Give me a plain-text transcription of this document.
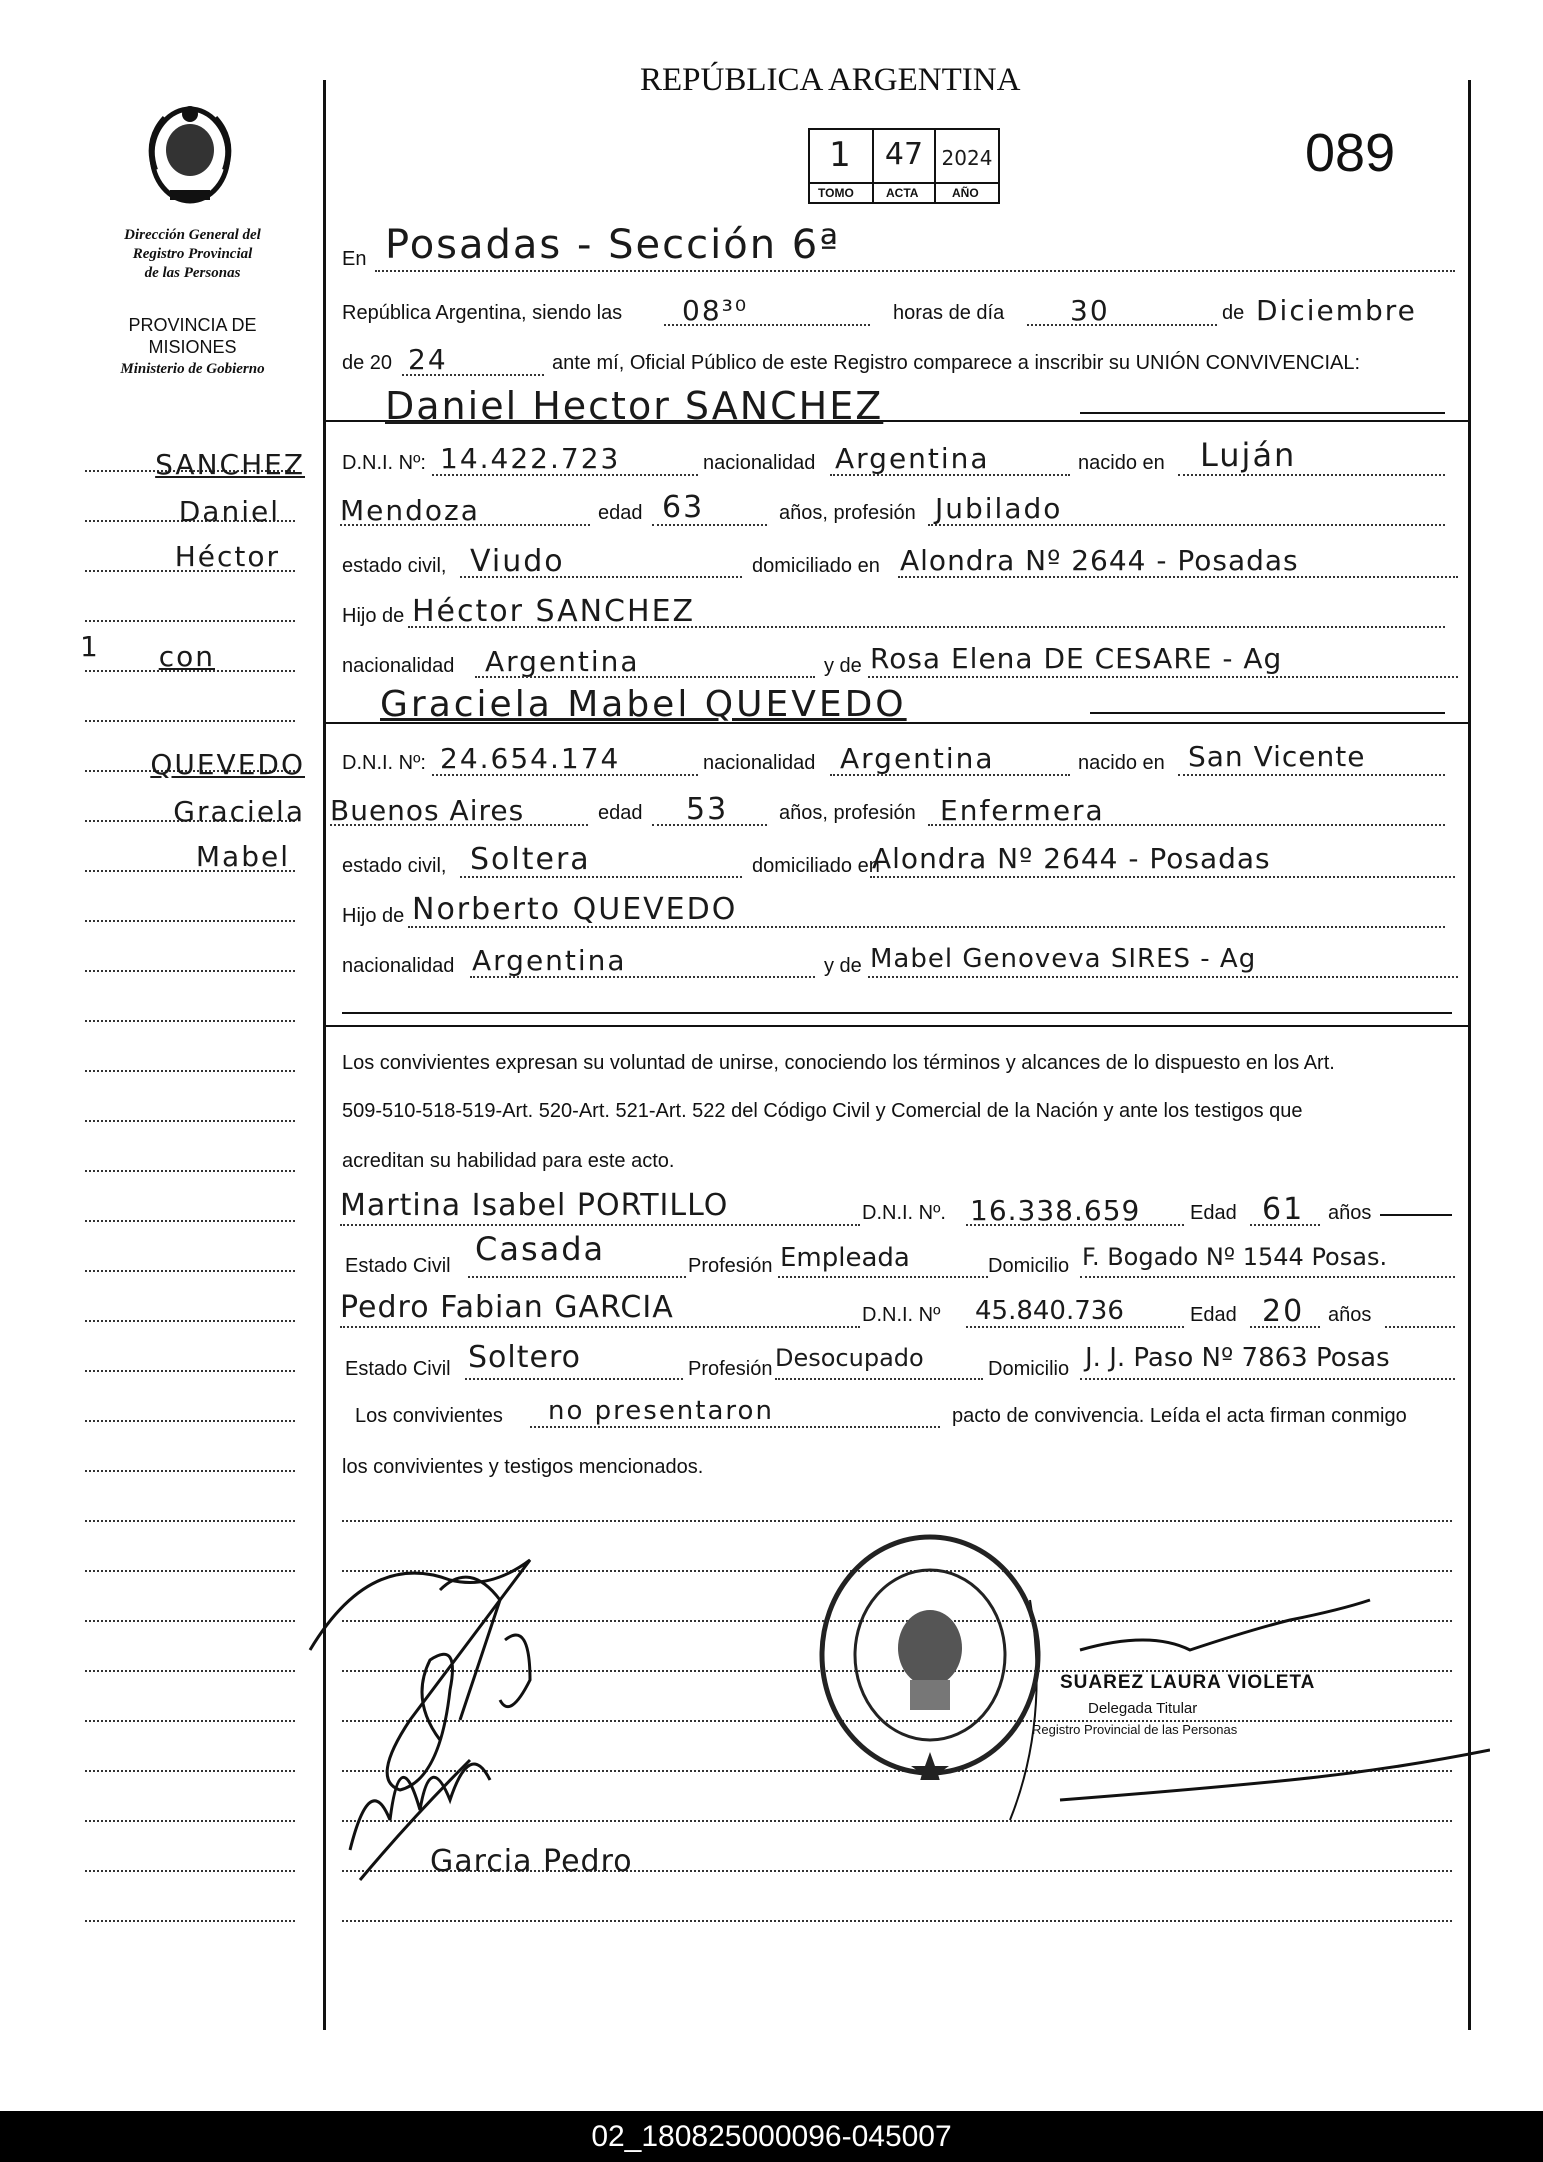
REPÚBLICA ARGENTINA
1	47 2024
TOMO	ACTA	AÑO
089
Dirección General del
Registro Provincial
de las Personas
PROVINCIA DE
MISIONES
Ministerio de Gobierno
SANCHEZ
Daniel
Héctor
1	con
QUEVEDO
Graciela
Mabel
En Posadas - Sección 6ª
República Argentina, siendo las 08³⁰	horas de día 30	de Diciembre
de 20 24	ante mí, Oficial Público de este Registro comparece a inscribir su UNIÓN CONVIVENCIAL:
Daniel Hector SANCHEZ
D.N.I. Nº: 14.422.723	nacionalidad Argentina	nacido en Luján
Mendoza	edad 63	años, profesión Jubilado
estado civil, Viudo	domiciliado en Alondra Nº 2644 - Posadas
Hijo de Héctor SANCHEZ
nacionalidad Argentina	y de Rosa Elena DE CESARE - Ag
Graciela Mabel QUEVEDO
D.N.I. Nº: 24.654.174	nacionalidad Argentina	nacido en San Vicente
Buenos Aires	edad 53	años, profesión Enfermera
estado civil, Soltera	domiciliado en
Alondra Nº 2644 - Posadas
Hijo de Norberto QUEVEDO
nacionalidad Argentina	y de Mabel Genoveva SIRES - Ag
Los convivientes expresan su voluntad de unirse, conociendo los términos y alcances de lo dispuesto en los Art.
509-510-518-519-Art. 520-Art. 521-Art. 522 del Código Civil y Comercial de la Nación y ante los testigos que
acreditan su habilidad para este acto.
Martina Isabel PORTILLO	D.N.I. Nº. 16.338.659 Edad 61 años
Estado Civil Casada	Profesión Empleada	Domicilio F. Bogado Nº 1544 Posas.
Pedro Fabian GARCIA	D.N.I. Nº 45.840.736	Edad 20 años
Estado Civil Soltero	Profesión Desocupado	Domicilio J. J. Paso Nº 7863 Posas
Los convivientes no presentaron	pacto de convivencia. Leída el acta firman conmigo
los convivientes y testigos mencionados.
Garcia Pedro
SUAREZ LAURA VIOLETA
Delegada Titular
Registro Provincial de las Personas
02_180825000096-045007
